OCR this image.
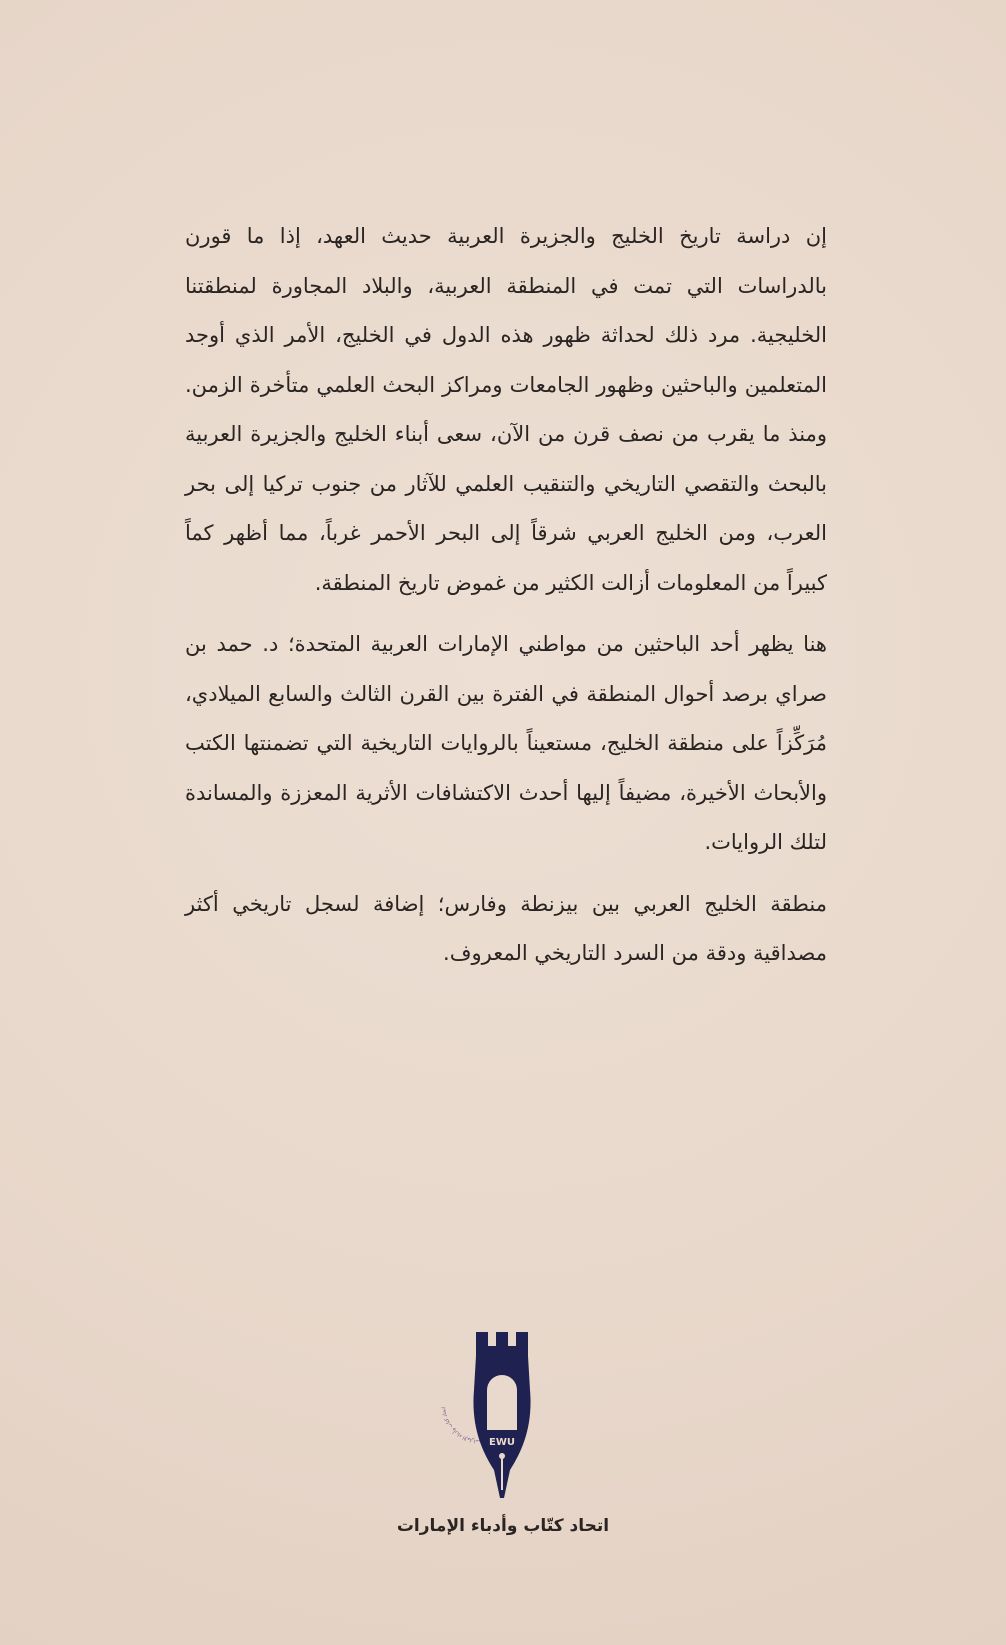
إن دراسة تاريخ الخليج والجزيرة العربية حديث العهد، إذا ما قورن بالدراسات التي تمت في المنطقة العربية، والبلاد المجاورة لمنطقتنا الخليجية. مرد ذلك لحداثة ظهور هذه الدول في الخليج، الأمر الذي أوجد المتعلمين والباحثين وظهور الجامعات ومراكز البحث العلمي متأخرة الزمن. ومنذ ما يقرب من نصف قرن من الآن، سعى أبناء الخليج والجزيرة العربية بالبحث والتقصي التاريخي والتنقيب العلمي للآثار من جنوب تركيا إلى بحر العرب، ومن الخليج العربي شرقاً إلى البحر الأحمر غرباً، مما أظهر كماً كبيراً من المعلومات أزالت الكثير من غموض تاريخ المنطقة.

هنا يظهر أحد الباحثين من مواطني الإمارات العربية المتحدة؛ د. حمد بن صراي برصد أحوال المنطقة في الفترة بين القرن الثالث والسابع الميلادي، مُرَكِّزاً على منطقة الخليج، مستعيناً بالروايات التاريخية التي تضمنتها الكتب والأبحاث الأخيرة، مضيفاً إليها أحدث الاكتشافات الأثرية المعززة والمساندة لتلك الروايات.

منطقة الخليج العربي بين بيزنطة وفارس؛ إضافة لسجل تاريخي أكثر مصداقية ودقة من السرد التاريخي المعروف.

EWU
اتحاد كتاب وأدباء الإمارات
اتحاد كتّاب وأدباء الإمارات
